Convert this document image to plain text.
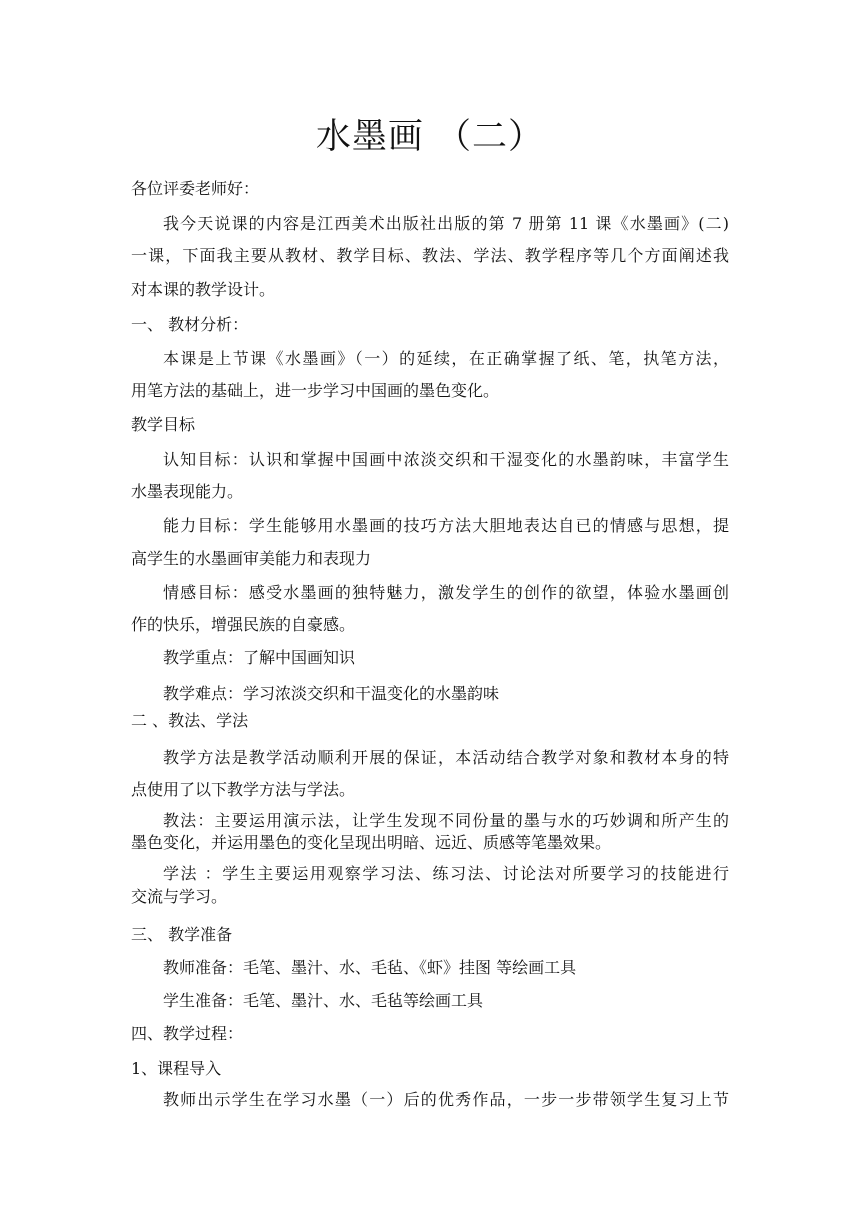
水墨画 （二）
各位评委老师好：
我今天说课的内容是江西美术出版社出版的第 7 册第 11 课《水墨画》(二)
一课，下面我主要从教材、教学目标、教法、学法、教学程序等几个方面阐述我
对本课的教学设计。
一、 教材分析：
本课是上节课《水墨画》（一）的延续，在正确掌握了纸、笔，执笔方法，
用笔方法的基础上，进一步学习中国画的墨色变化。
教学目标
认知目标：认识和掌握中国画中浓淡交织和干湿变化的水墨韵味，丰富学生
水墨表现能力。
能力目标：学生能够用水墨画的技巧方法大胆地表达自已的情感与思想，提
高学生的水墨画审美能力和表现力
情感目标：感受水墨画的独特魅力，激发学生的创作的欲望，体验水墨画创
作的快乐，增强民族的自豪感。
教学重点：了解中国画知识
教学难点：学习浓淡交织和干温变化的水墨韵味
二 、教法、学法
教学方法是教学活动顺利开展的保证，本活动结合教学对象和教材本身的特
点使用了以下教学方法与学法。
教法：主要运用演示法，让学生发现不同份量的墨与水的巧妙调和所产生的
墨色变化，并运用墨色的变化呈现出明暗、远近、质感等笔墨效果。
学法 ：学生主要运用观察学习法、练习法、讨论法对所要学习的技能进行
交流与学习。
三、 教学准备
教师准备：毛笔、墨汁、水、毛毡、《虾》挂图 等绘画工具
学生准备：毛笔、墨汁、水、毛毡等绘画工具
四、教学过程：
1、课程导入
教师出示学生在学习水墨（一）后的优秀作品，一步一步带领学生复习上节
